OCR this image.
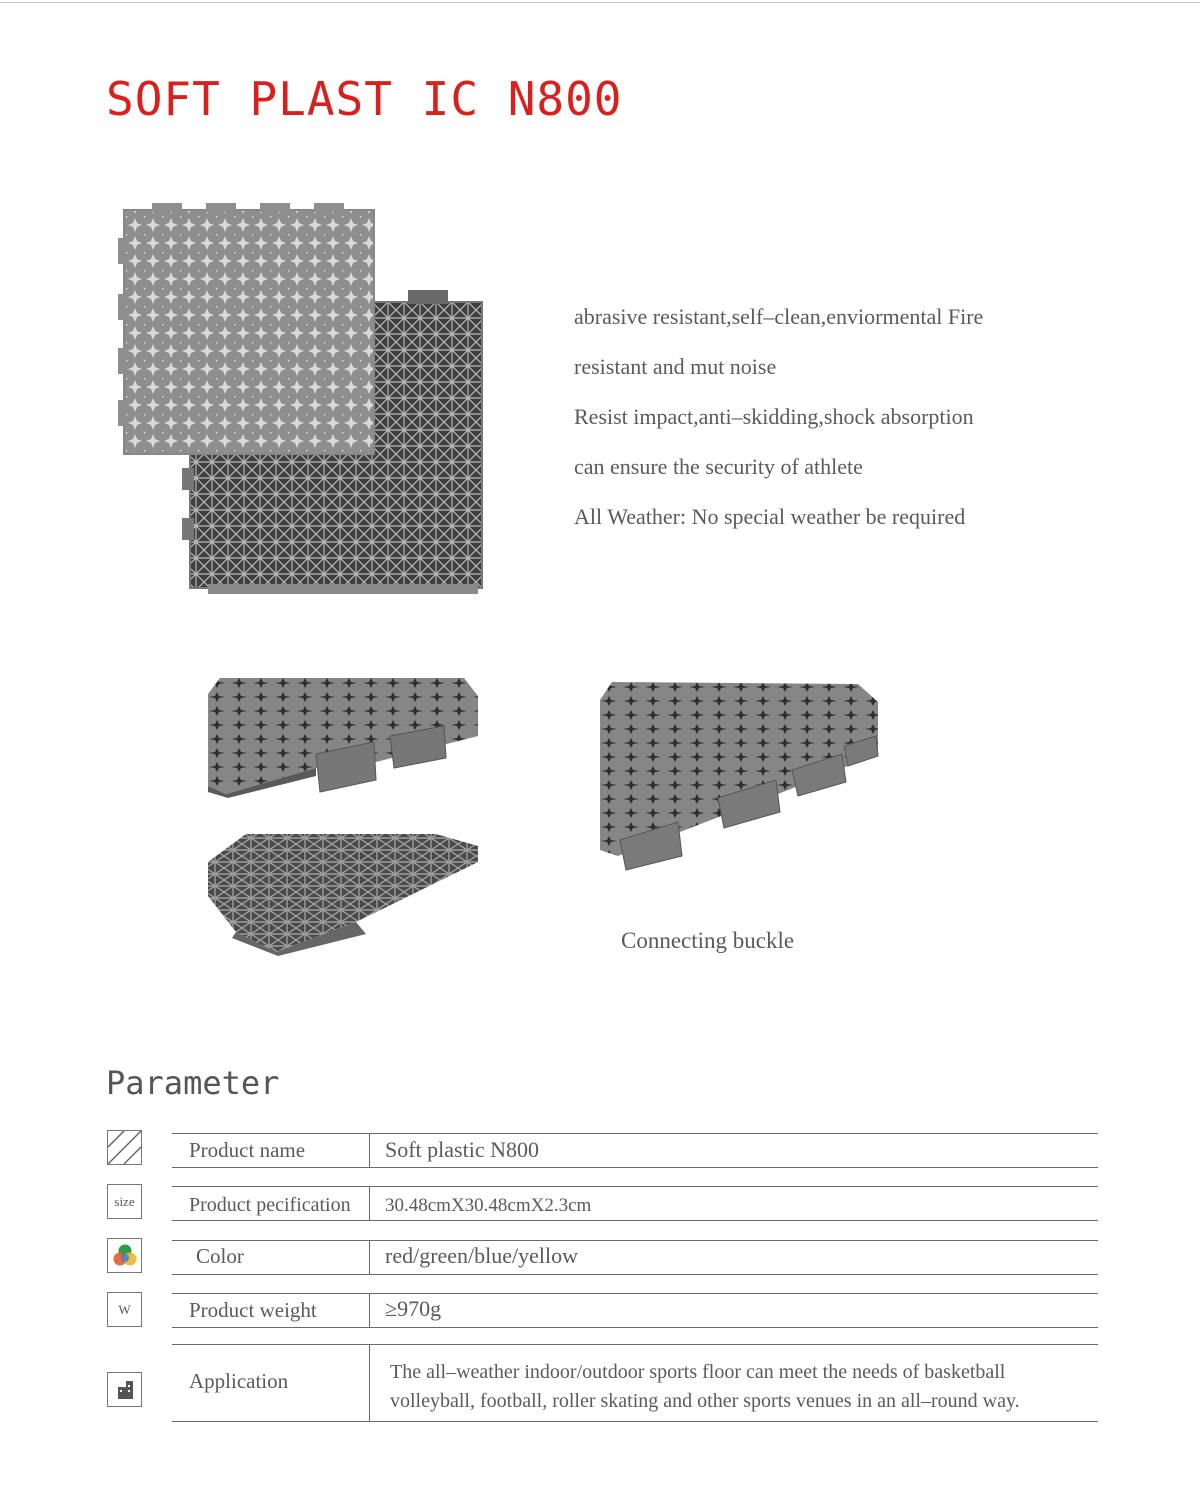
SOFT PLAST IC N800
abrasive resistant,self–clean,enviormental Fire
resistant and mut noise
Resist impact,anti–skidding,shock absorption
can ensure the security of athlete
All Weather: No special weather be required
Connecting buckle
Parameter
Product name	Soft plastic N800
size	Product pecification 30.48cmX30.48cmX2.3cm
Color	red/green/blue/yellow
W	Product weight	≥970g
Application	The all–weather indoor/outdoor sports floor can meet the needs of basketball volleyball, football, roller skating and other sports venues in an all–round way.
